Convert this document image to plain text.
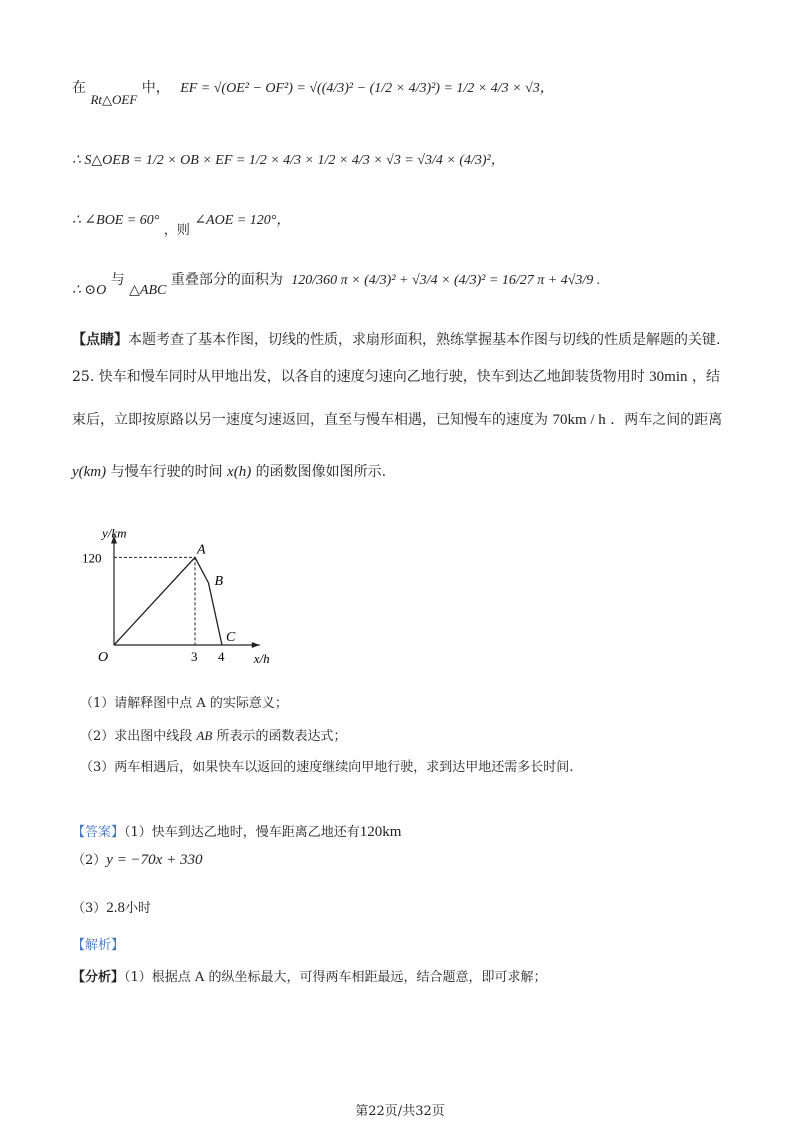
在 Rt△OEF 中， EF = √(OE² − OF²) = √((4/3)² − (1/2 × 4/3)²) = 1/2 × 4/3 × √3，
∴ S△OEB = 1/2 × OB × EF = 1/2 × 4/3 × 1/2 × 4/3 × √3 = √3/4 × (4/3)²，
∴ ∠BOE = 60° ，则 ∠AOE = 120°，
∴ ⊙O 与 △ABC 重叠部分的面积为 120/360 π × (4/3)² + √3/4 × (4/3)² = 16/27 π + 4√3/9 .
【点睛】本题考查了基本作图，切线的性质，求扇形面积，熟练掌握基本作图与切线的性质是解题的关键.
25. 快车和慢车同时从甲地出发，以各自的速度匀速向乙地行驶，快车到达乙地卸装货物用时 30min ，结
束后，立即按原路以另一速度匀速返回，直至与慢车相遇，已知慢车的速度为 70km / h ．两车之间的距离
y(km) 与慢车行驶的时间 x(h) 的函数图像如图所示.
y/km
x/h
O
120
3 4
A
B
C
（1）请解释图中点 A 的实际意义；
（2）求出图中线段 AB 所表示的函数表达式；
（3）两车相遇后，如果快车以返回的速度继续向甲地行驶，求到达甲地还需多长时间.
【答案】（1）快车到达乙地时，慢车距离乙地还有120km
（2）y = −70x + 330
（3）2.8小时
【解析】
【分析】（1）根据点 A 的纵坐标最大，可得两车相距最远，结合题意，即可求解；
第22页/共32页
